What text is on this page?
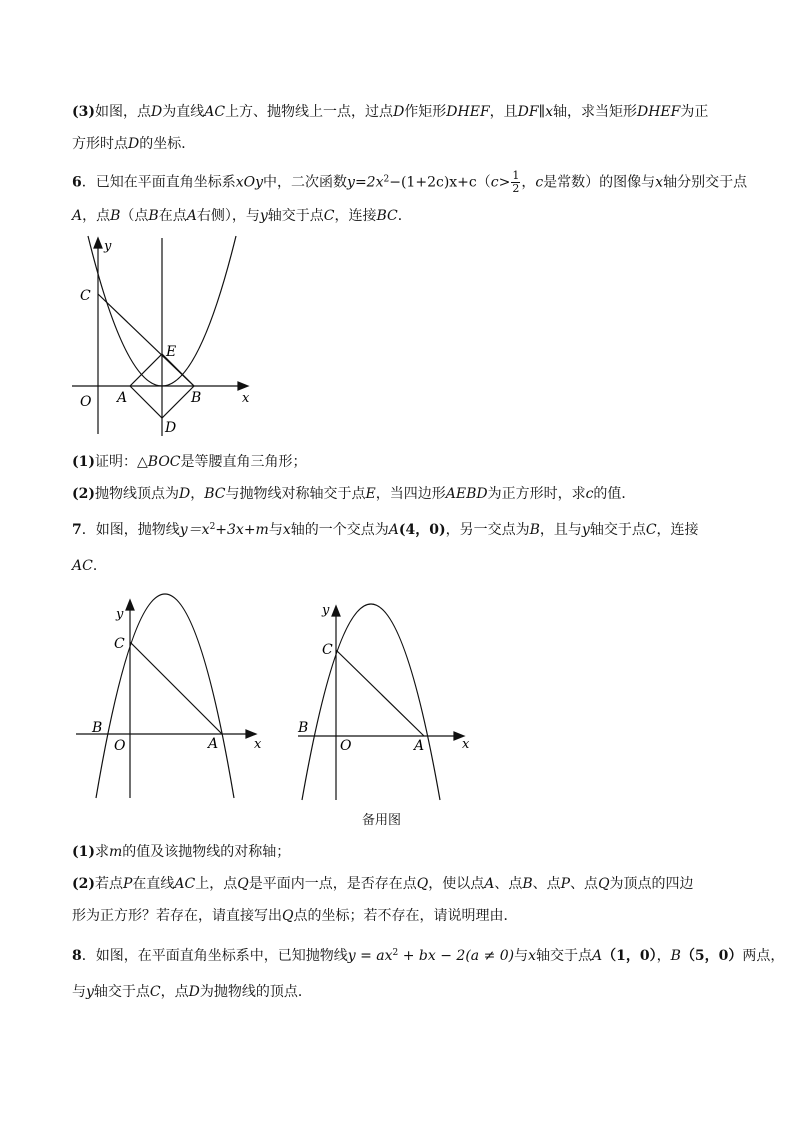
(3)如图，点D为直线AC上方、抛物线上一点，过点D作矩形DHEF，且DF∥x轴，求当矩形DHEF为正
方形时点D的坐标．
6．已知在平面直角坐标系xOy中，二次函数$y=2x^2-(1+2c)x+c(c> \frac{1}{2}$ ，c是常数）的图像与x轴分别交于点
A，点B（点B在点A右侧），与y轴交于点C，连接BC．
y
C
E
O A	B	x
D
(1)证明：△BOC是等腰直角三角形；
(2)抛物线顶点为D，BC与抛物线对称轴交于点E，当四边形AEBD为正方形时，求c的值．
7．如图，抛物线$y=x^2+3x+m$与x轴的一个交点为A(4，0)，另一交点为B，且与y轴交于点C，连接
AC．
y
C
B
O	A	x
y
C
B
O	A	x
备用图
(1)求m的值及该抛物线的对称轴；
(2)若点P在直线AC上，点Q是平面内一点，是否存在点Q，使以点A、点B、点P、点Q为顶点的四边
形为正方形？若存在，请直接写出Q点的坐标；若不存在，请说明理由．
8．如图，在平面直角坐标系中，已知抛物线$y = ax^2$ + bx − 2(a ≠ 0)与x轴交于点A（1，0），B（5，0）两点，
与y轴交于点C，点D为抛物线的顶点．
